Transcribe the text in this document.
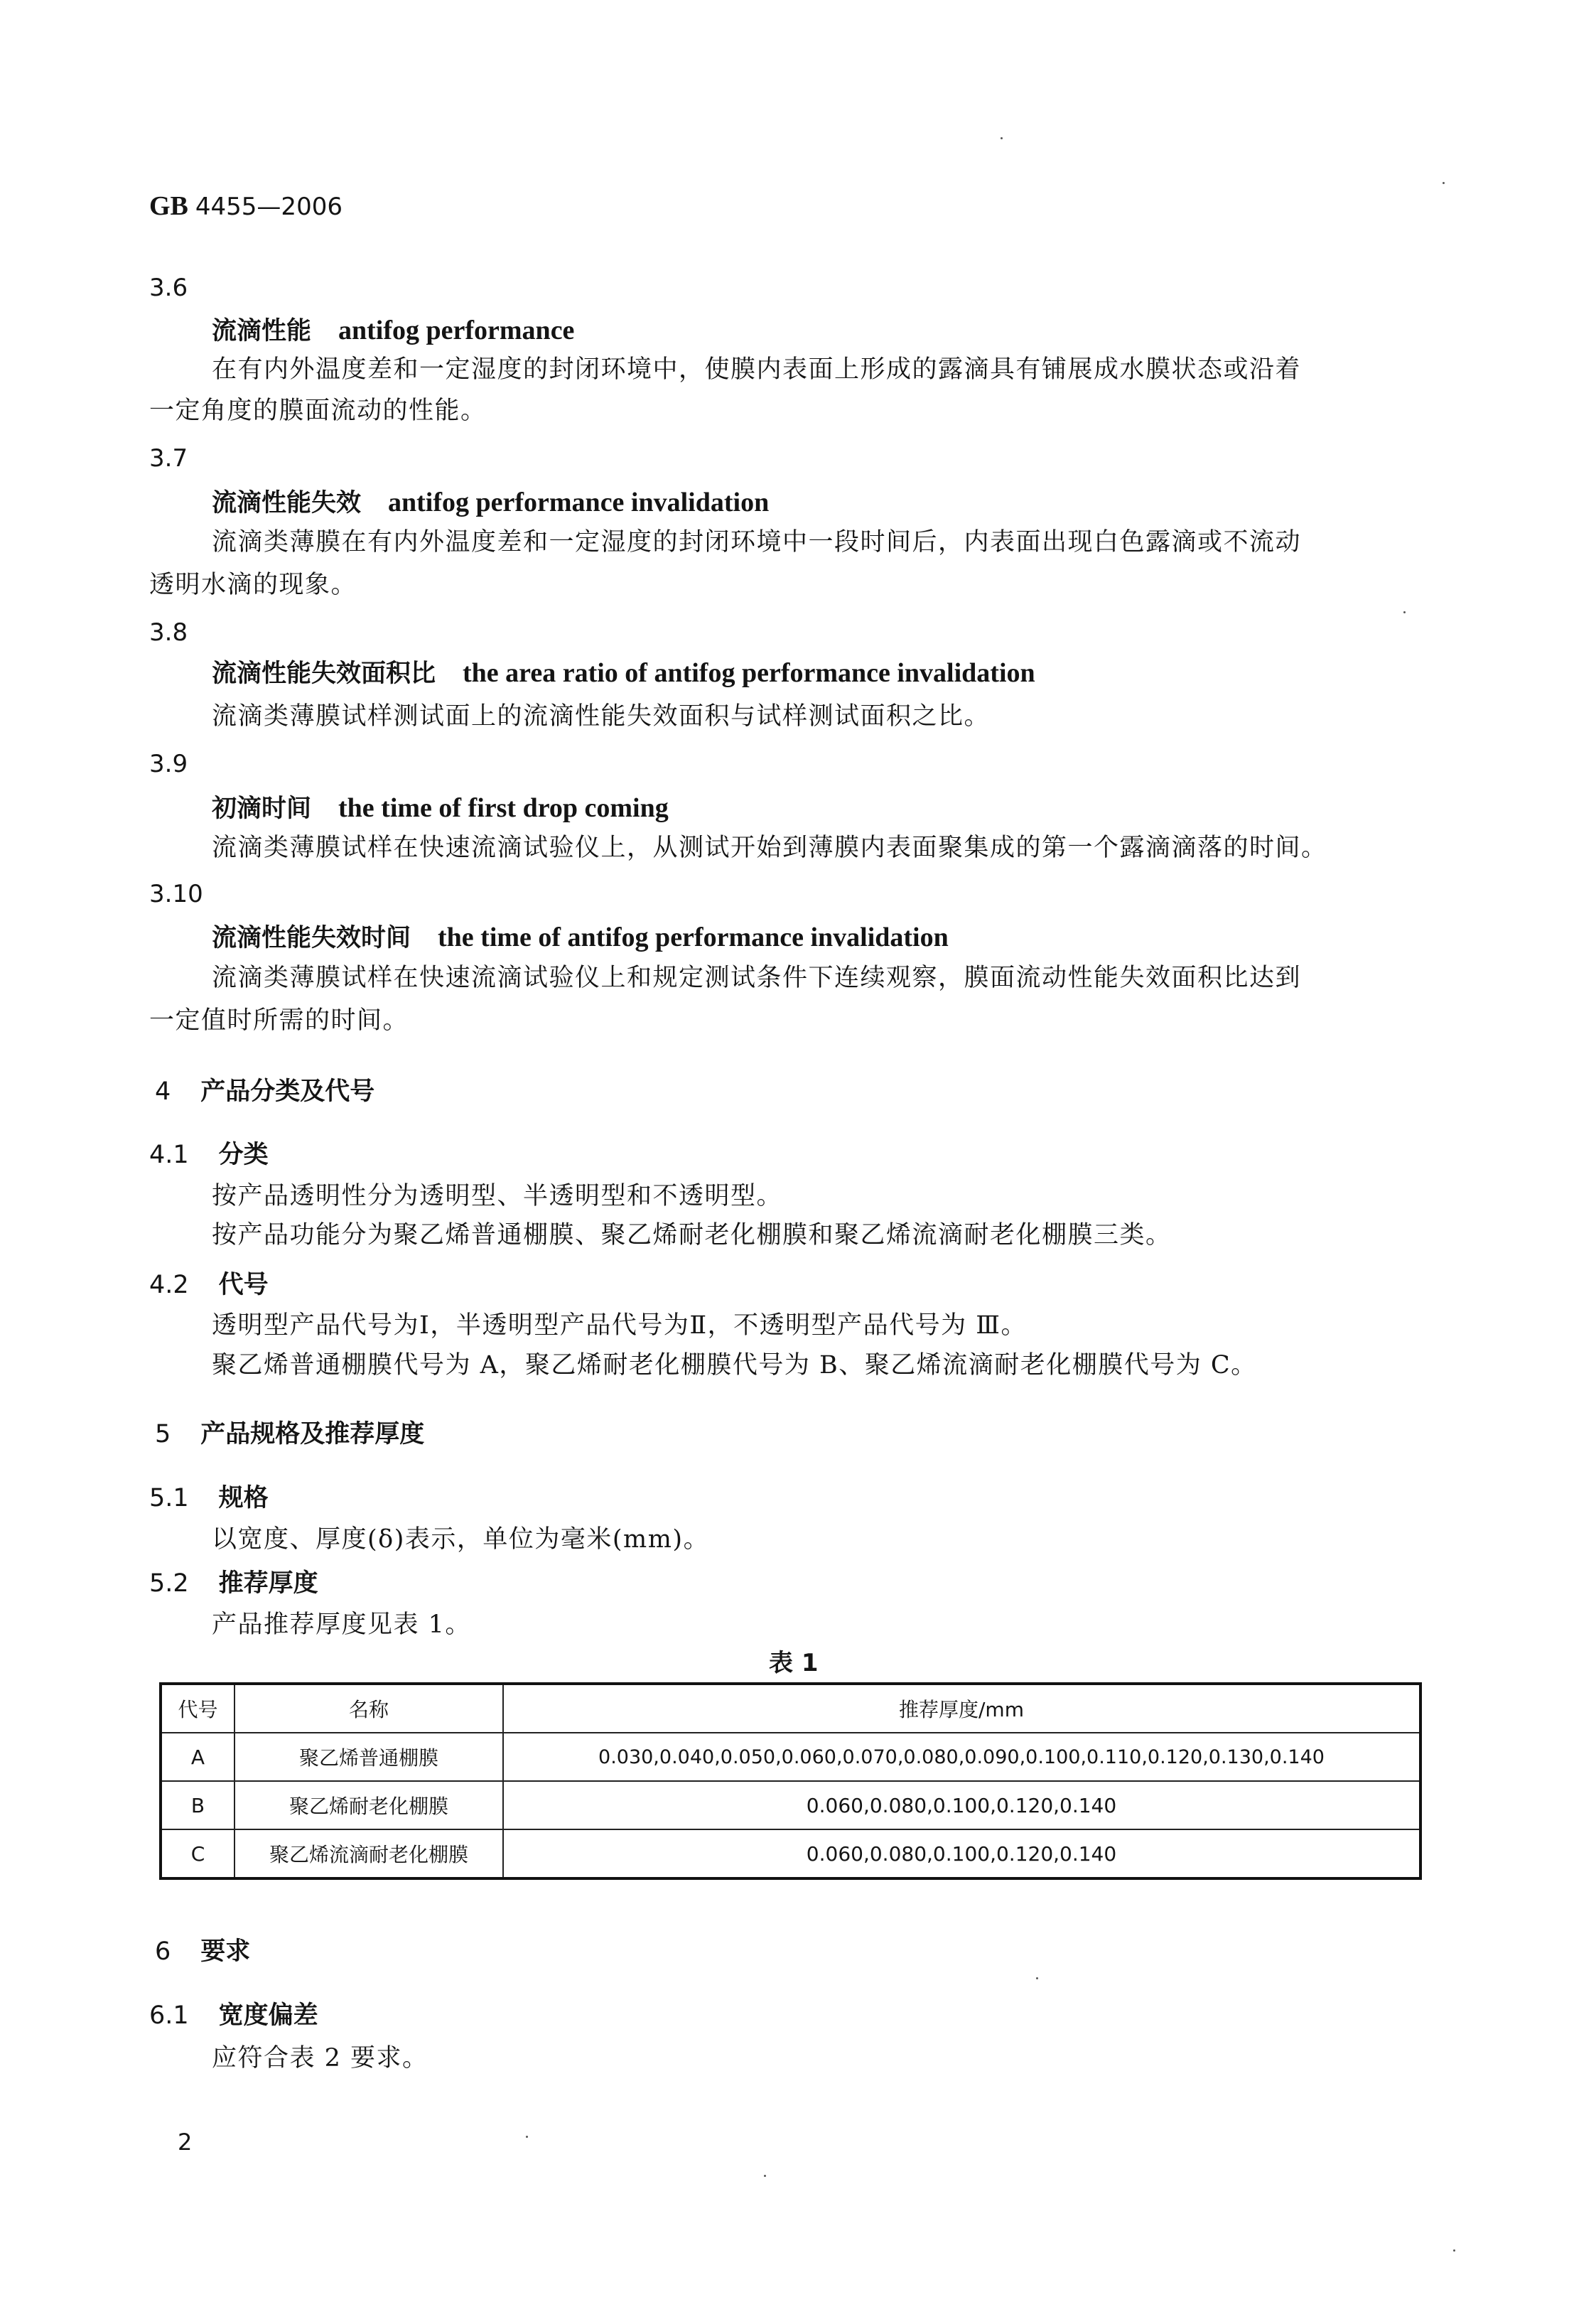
GB 4455—2006
3.6
流滴性能 antifog performance
在有内外温度差和一定湿度的封闭环境中，使膜内表面上形成的露滴具有铺展成水膜状态或沿着
一定角度的膜面流动的性能。
3.7
流滴性能失效 antifog performance invalidation
流滴类薄膜在有内外温度差和一定湿度的封闭环境中一段时间后，内表面出现白色露滴或不流动
透明水滴的现象。
3.8
流滴性能失效面积比 the area ratio of antifog performance invalidation
流滴类薄膜试样测试面上的流滴性能失效面积与试样测试面积之比。
3.9
初滴时间 the time of first drop coming
流滴类薄膜试样在快速流滴试验仪上，从测试开始到薄膜内表面聚集成的第一个露滴滴落的时间。
3.10
流滴性能失效时间 the time of antifog performance invalidation
流滴类薄膜试样在快速流滴试验仪上和规定测试条件下连续观察，膜面流动性能失效面积比达到
一定值时所需的时间。
4 产品分类及代号
4.1 分类
按产品透明性分为透明型、半透明型和不透明型。
按产品功能分为聚乙烯普通棚膜、聚乙烯耐老化棚膜和聚乙烯流滴耐老化棚膜三类。
4.2 代号
透明型产品代号为Ⅰ，半透明型产品代号为Ⅱ，不透明型产品代号为 Ⅲ。
聚乙烯普通棚膜代号为 A，聚乙烯耐老化棚膜代号为 B、聚乙烯流滴耐老化棚膜代号为 C。
5 产品规格及推荐厚度
5.1 规格
以宽度、厚度(δ)表示，单位为毫米(mm)。
5.2 推荐厚度
产品推荐厚度见表 1。
表 1
代号	名称	推荐厚度/mm
A	聚乙烯普通棚膜	0.030,0.040,0.050,0.060,0.070,0.080,0.090,0.100,0.110,0.120,0.130,0.140
B	聚乙烯耐老化棚膜	0.060,0.080,0.100,0.120,0.140
C	聚乙烯流滴耐老化棚膜	0.060,0.080,0.100,0.120,0.140
6 要求
6.1 宽度偏差
应符合表 2 要求。
2
